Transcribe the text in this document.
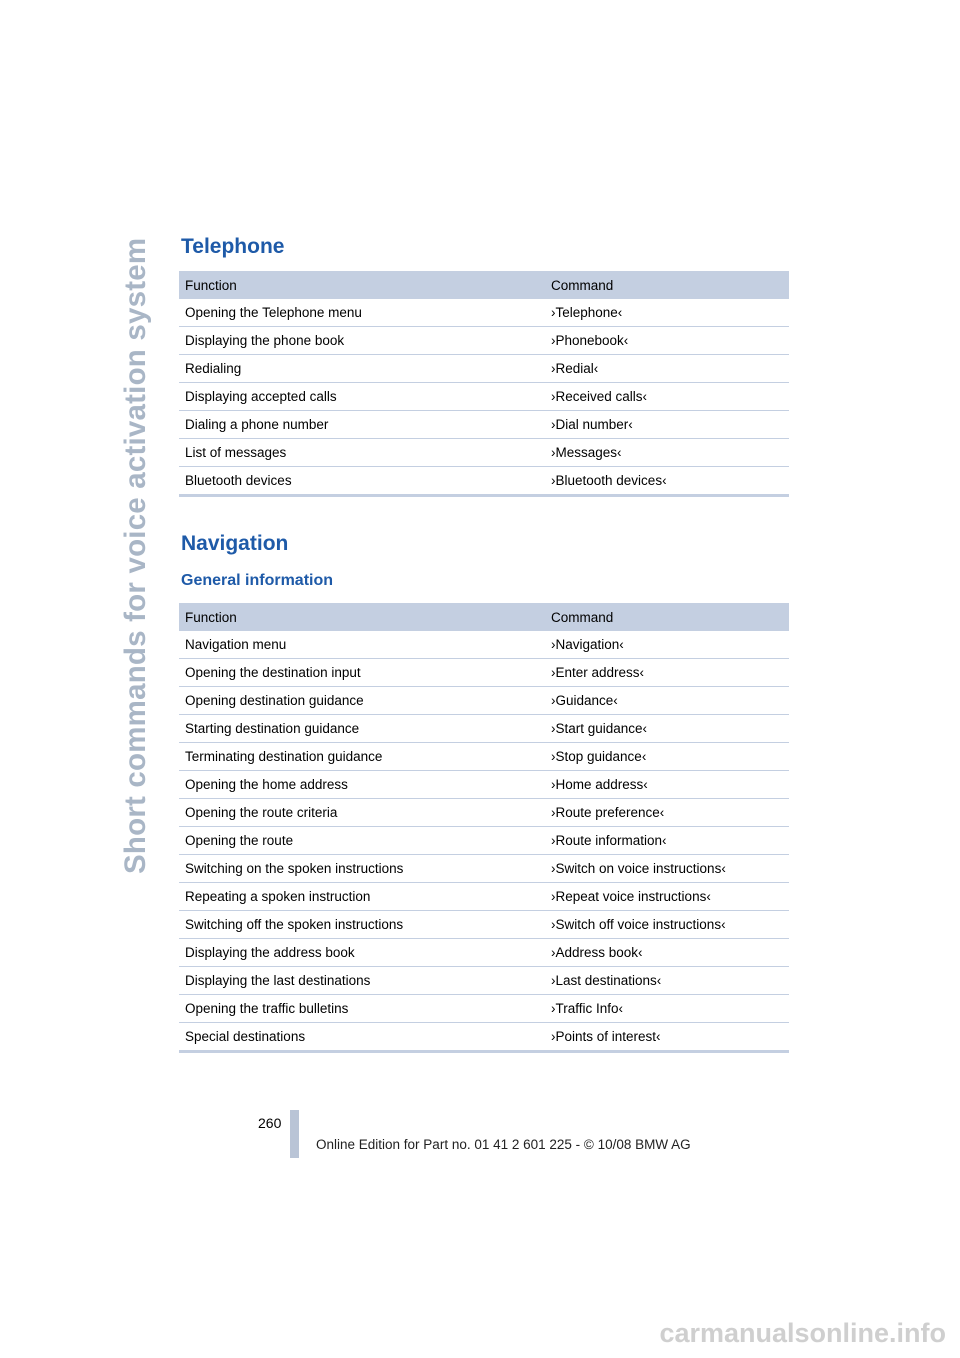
Short commands for voice activation system Telephone
Function	Command
Opening the Telephone menu	›Telephone‹
Displaying the phone book	›Phonebook‹
Redialing	›Redial‹
Displaying accepted calls	›Received calls‹
Dialing a phone number	›Dial number‹
List of messages	›Messages‹
Bluetooth devices	›Bluetooth devices‹
Navigation
General information
Function	Command
Navigation menu	›Navigation‹
Opening the destination input	›Enter address‹
Opening destination guidance	›Guidance‹
Starting destination guidance	›Start guidance‹
Terminating destination guidance	›Stop guidance‹
Opening the home address	›Home address‹
Opening the route criteria	›Route preference‹
Opening the route	›Route information‹
Switching on the spoken instructions	›Switch on voice instructions‹
Repeating a spoken instruction	›Repeat voice instructions‹
Switching off the spoken instructions	›Switch off voice instructions‹
Displaying the address book	›Address book‹
Displaying the last destinations	›Last destinations‹
Opening the traffic bulletins	›Traffic Info‹
Special destinations	›Points of interest‹
260
Online Edition for Part no. 01 41 2 601 225 - © 10/08 BMW AG
carmanualsonline.info
